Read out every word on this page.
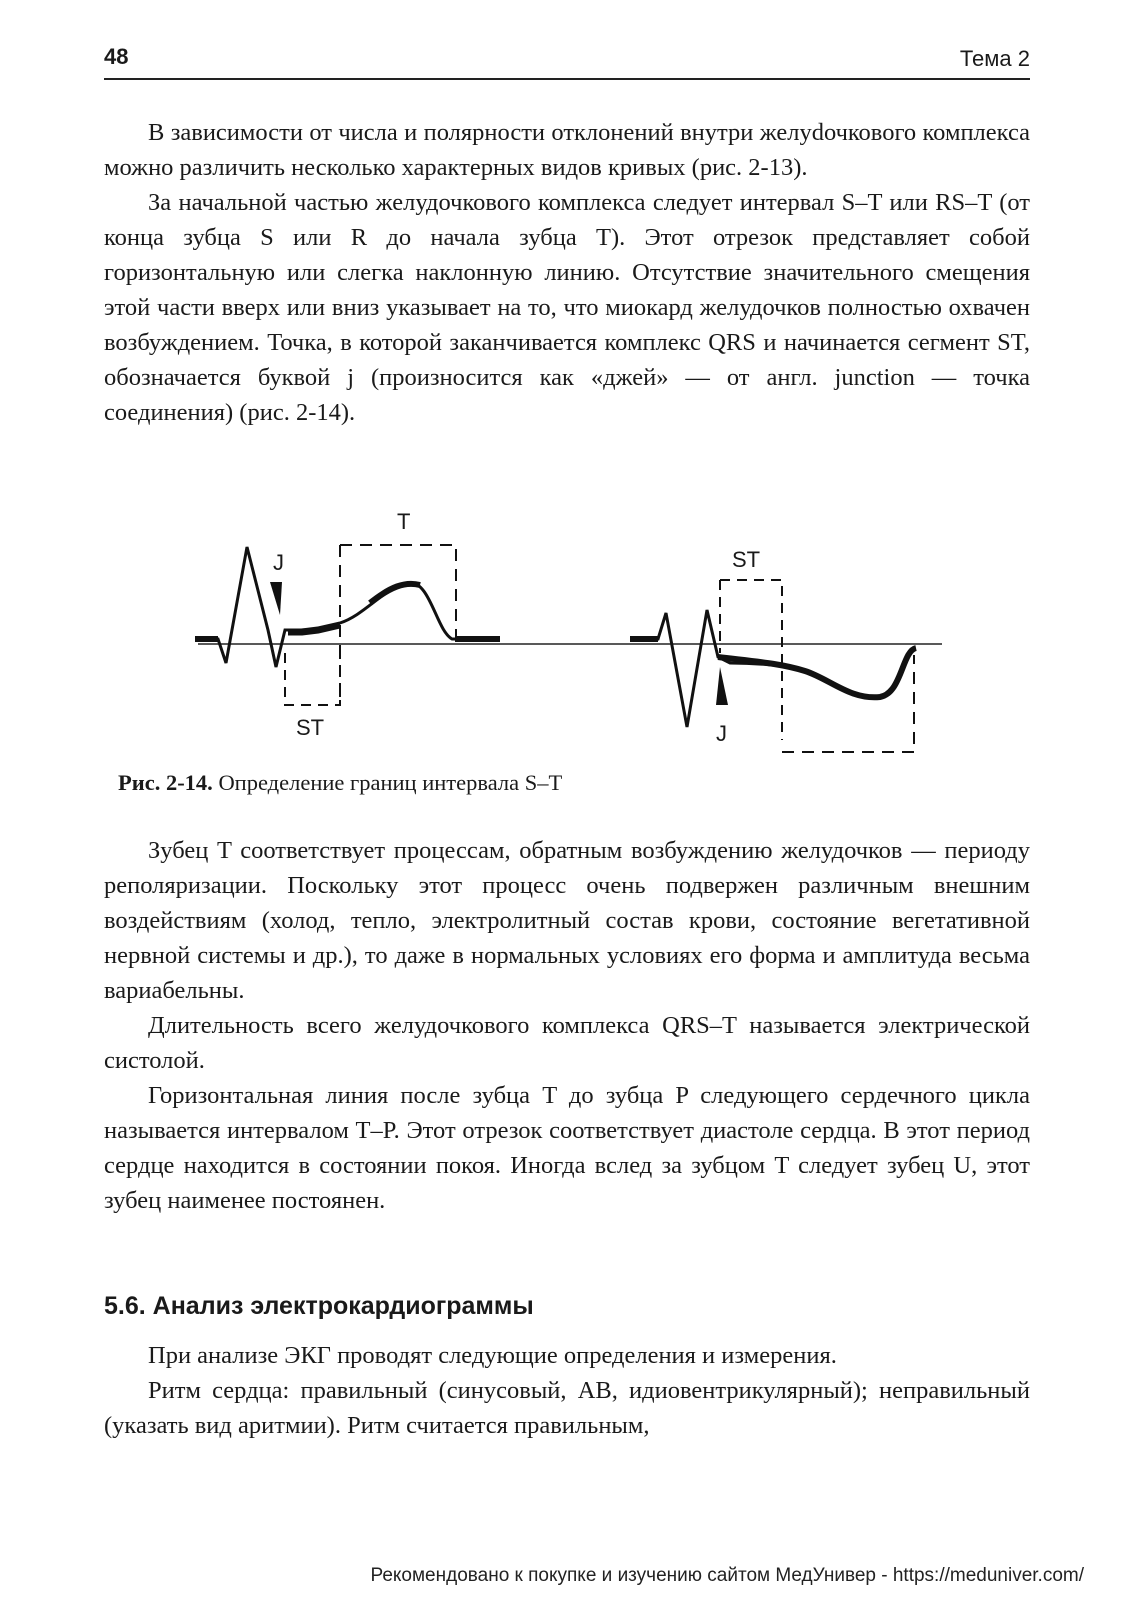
48	Тема 2

В зависимости от числа и полярности отклонений внутри желуdочкового комплекса можно различить несколько характерных видов кривых (рис. 2-13).

За начальной частью желудочкового комплекса следует интервал S–T или RS–T (от конца зубца S или R до начала зубца T). Этот отрезок представляет собой горизонтальную или слегка наклонную линию. Отсутствие значительного смещения этой части вверх или вниз указывает на то, что миокард желудочков полностью охвачен возбуждением. Точка, в которой заканчивается комплекс QRS и начинается сегмент ST, обозначается буквой j (произносится как «джей» — от англ. junction — точка соединения) (рис. 2-14).

T
J
ST
ST
J
Рис. 2-14. Определение границ интервала S–T

Зубец T соответствует процессам, обратным возбуждению желудочков — периоду реполяризации. Поскольку этот процесс очень подвержен различным внешним воздействиям (холод, тепло, электролитный состав крови, состояние вегетативной нервной системы и др.), то даже в нормальных условиях его форма и амплитуда весьма вариабельны.

Длительность всего желудочкового комплекса QRS–T называется электрической систолой.

Горизонтальная линия после зубца T до зубца P следующего сердечного цикла называется интервалом T–P. Этот отрезок соответствует диастоле сердца. В этот период сердце находится в состоянии покоя. Иногда вслед за зубцом T следует зубец U, этот зубец наименее постоянен.

5.6. Анализ электрокардиограммы

При анализе ЭКГ проводят следующие определения и измерения.

Ритм сердца: правильный (синусовый, АВ, идиовентрикулярный); неправильный (указать вид аритмии). Ритм считается правильным,

Рекомендовано к покупке и изучению сайтом МедУнивер - https://meduniver.com/
